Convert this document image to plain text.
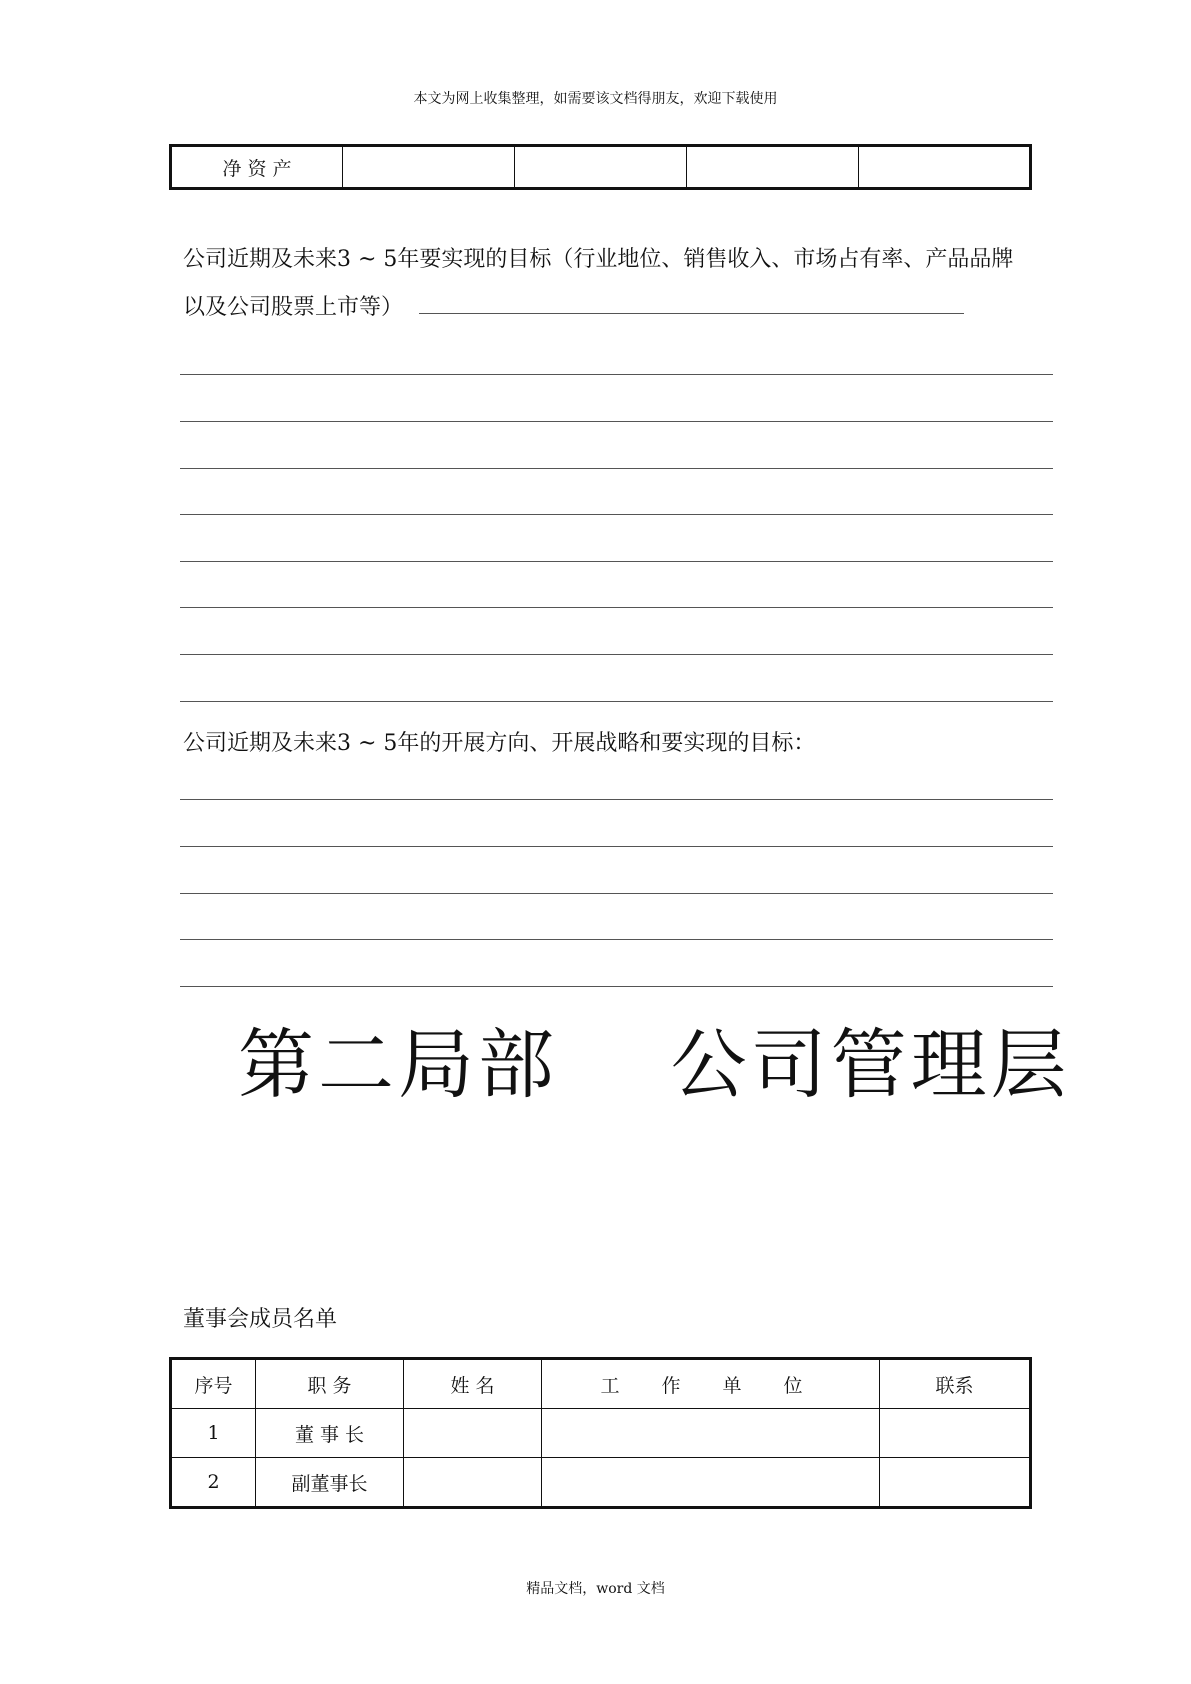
本文为网上收集整理，如需要该文档得朋友，欢迎下载使用
净 资 产				
公司近期及未来3 ~ 5年要实现的目标（行业地位、销售收入、市场占有率、产品品牌以及公司股票上市等）
公司近期及未来3 ~ 5年的开展方向、开展战略和要实现的目标：
第二局部    公司管理层
董事会成员名单
序号	职 务	姓 名	工 作 单 位	联系
1	董 事 长			
2	副董事长			
精品文档，word 文档
